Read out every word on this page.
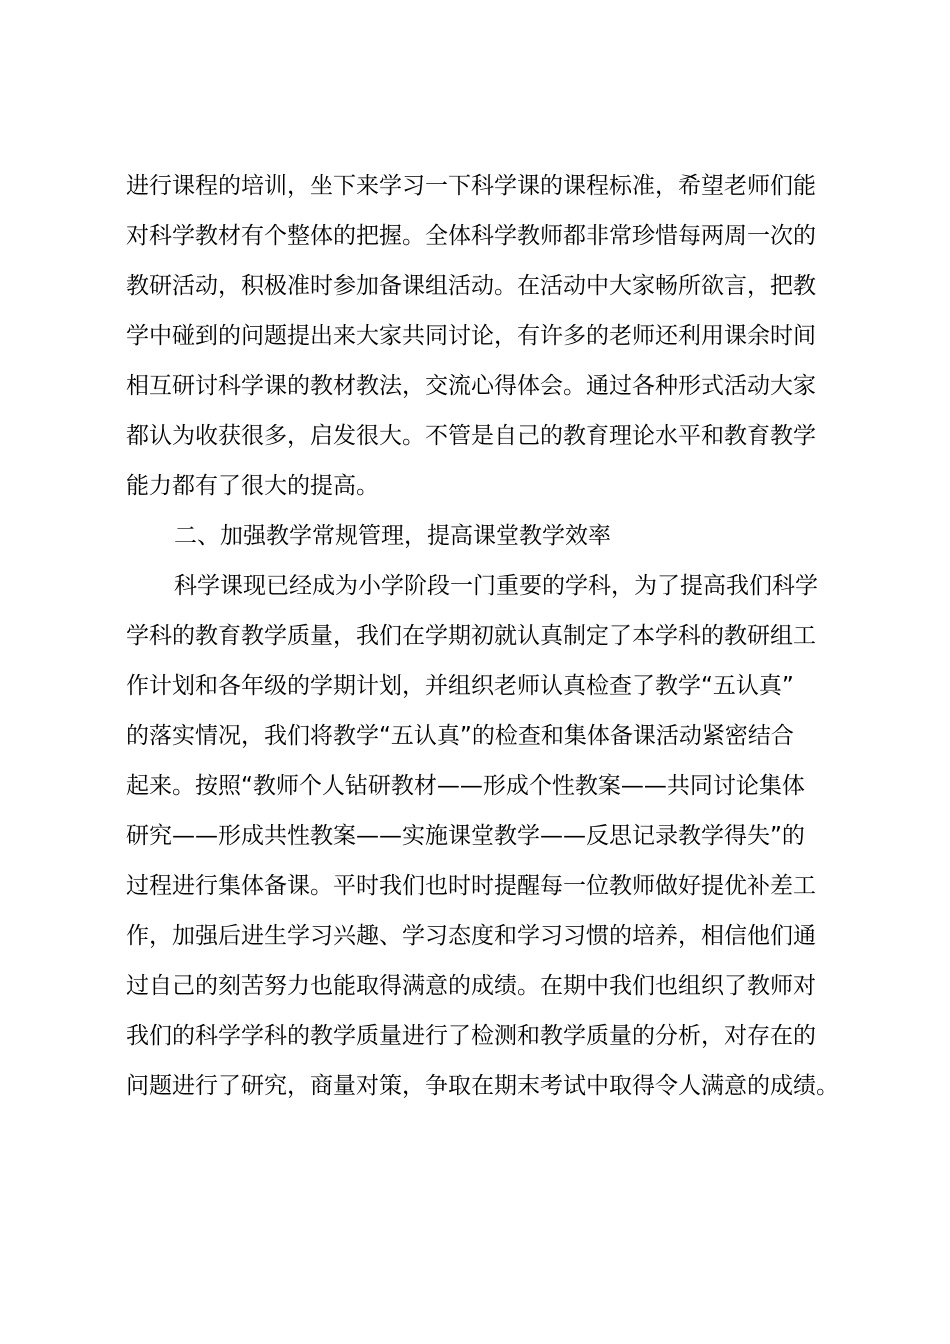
进行课程的培训，坐下来学习一下科学课的课程标准，希望老师们能
对科学教材有个整体的把握。全体科学教师都非常珍惜每两周一次的
教研活动，积极准时参加备课组活动。在活动中大家畅所欲言，把教
学中碰到的问题提出来大家共同讨论，有许多的老师还利用课余时间
相互研讨科学课的教材教法，交流心得体会。通过各种形式活动大家
都认为收获很多，启发很大。不管是自己的教育理论水平和教育教学
能力都有了很大的提高。
二、加强教学常规管理，提高课堂教学效率
科学课现已经成为小学阶段一门重要的学科，为了提高我们科学
学科的教育教学质量，我们在学期初就认真制定了本学科的教研组工
作计划和各年级的学期计划，并组织老师认真检查了教学“五认真”
的落实情况，我们将教学“五认真”的检查和集体备课活动紧密结合
起来。按照“教师个人钻研教材——形成个性教案——共同讨论集体
研究——形成共性教案——实施课堂教学——反思记录教学得失”的
过程进行集体备课。平时我们也时时提醒每一位教师做好提优补差工
作，加强后进生学习兴趣、学习态度和学习习惯的培养，相信他们通
过自己的刻苦努力也能取得满意的成绩。在期中我们也组织了教师对
我们的科学学科的教学质量进行了检测和教学质量的分析，对存在的
问题进行了研究，商量对策，争取在期末考试中取得令人满意的成绩。
